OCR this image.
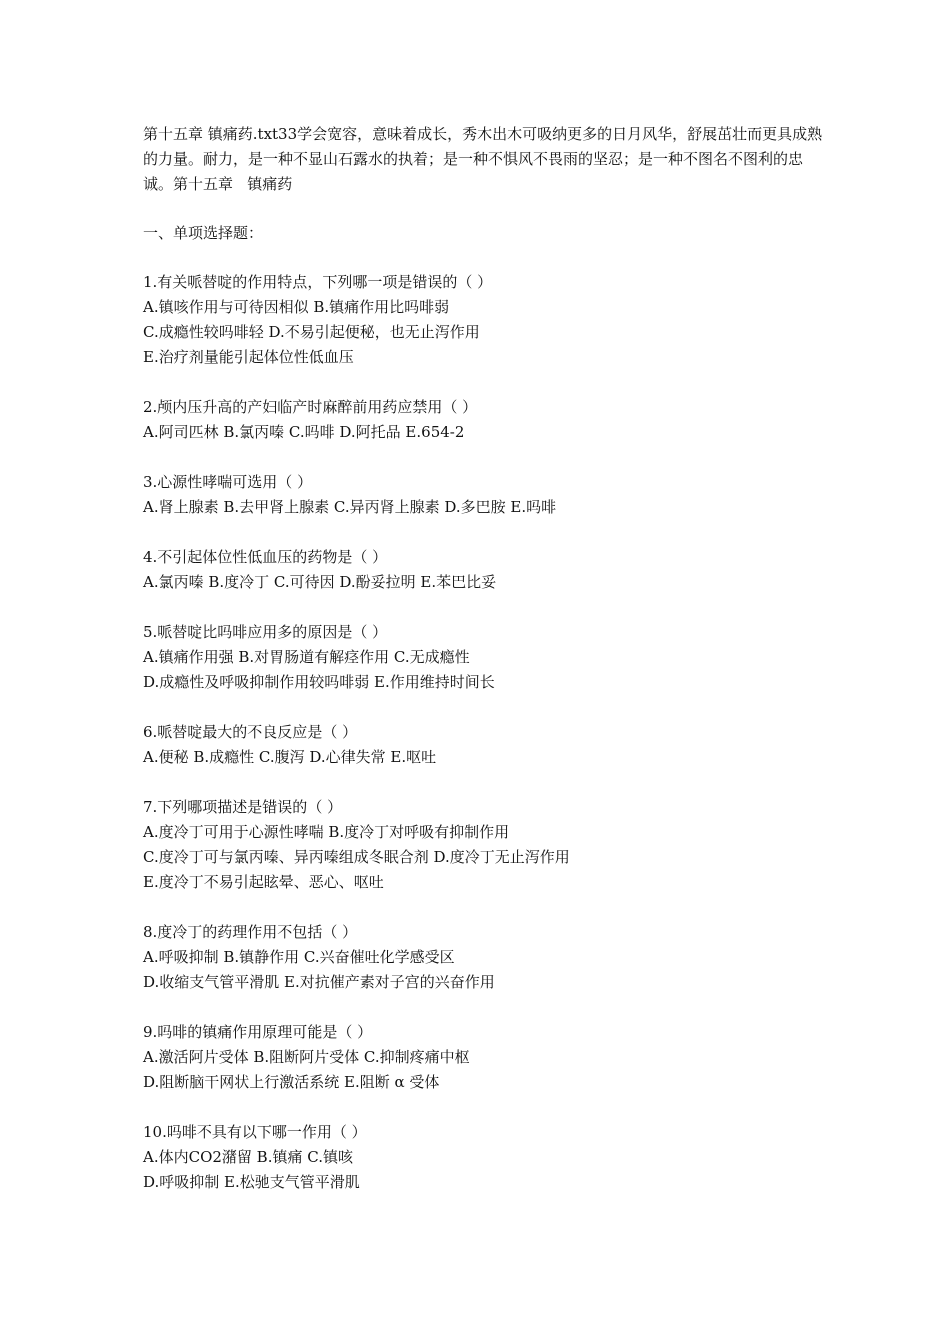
第十五章 镇痛药.txt33学会宽容，意味着成长，秀木出木可吸纳更多的日月风华，舒展茁壮而更具成熟的力量。耐力，是一种不显山石露水的执着；是一种不惧风不畏雨的坚忍；是一种不图名不图利的忠诚。第十五章   镇痛药

一、单项选择题：

1.有关哌替啶的作用特点，下列哪一项是错误的（ ）

A.镇咳作用与可待因相似 B.镇痛作用比吗啡弱

C.成瘾性较吗啡轻 D.不易引起便秘，也无止泻作用

E.治疗剂量能引起体位性低血压

2.颅内压升高的产妇临产时麻醉前用药应禁用（ ）

A.阿司匹林 B.氯丙嗪 C.吗啡 D.阿托品 E.654-2

3.心源性哮喘可选用（ ）

A.肾上腺素 B.去甲肾上腺素 C.异丙肾上腺素 D.多巴胺 E.吗啡

4.不引起体位性低血压的药物是（ ）

A.氯丙嗪 B.度冷丁 C.可待因 D.酚妥拉明 E.苯巴比妥

5.哌替啶比吗啡应用多的原因是（ ）

A.镇痛作用强 B.对胃肠道有解痉作用 C.无成瘾性

D.成瘾性及呼吸抑制作用较吗啡弱 E.作用维持时间长

6.哌替啶最大的不良反应是（ ）

A.便秘 B.成瘾性 C.腹泻 D.心律失常 E.呕吐

7.下列哪项描述是错误的（ ）

A.度冷丁可用于心源性哮喘 B.度冷丁对呼吸有抑制作用

C.度冷丁可与氯丙嗪、异丙嗪组成冬眠合剂 D.度冷丁无止泻作用

E.度冷丁不易引起眩晕、恶心、呕吐

8.度冷丁的药理作用不包括（ ）

A.呼吸抑制 B.镇静作用 C.兴奋催吐化学感受区

D.收缩支气管平滑肌 E.对抗催产素对子宫的兴奋作用

9.吗啡的镇痛作用原理可能是（ ）

A.激活阿片受体 B.阻断阿片受体 C.抑制疼痛中枢

D.阻断脑干网状上行激活系统 E.阻断 α 受体

10.吗啡不具有以下哪一作用（ ）

A.体内CO2潴留 B.镇痛 C.镇咳

D.呼吸抑制 E.松驰支气管平滑肌
